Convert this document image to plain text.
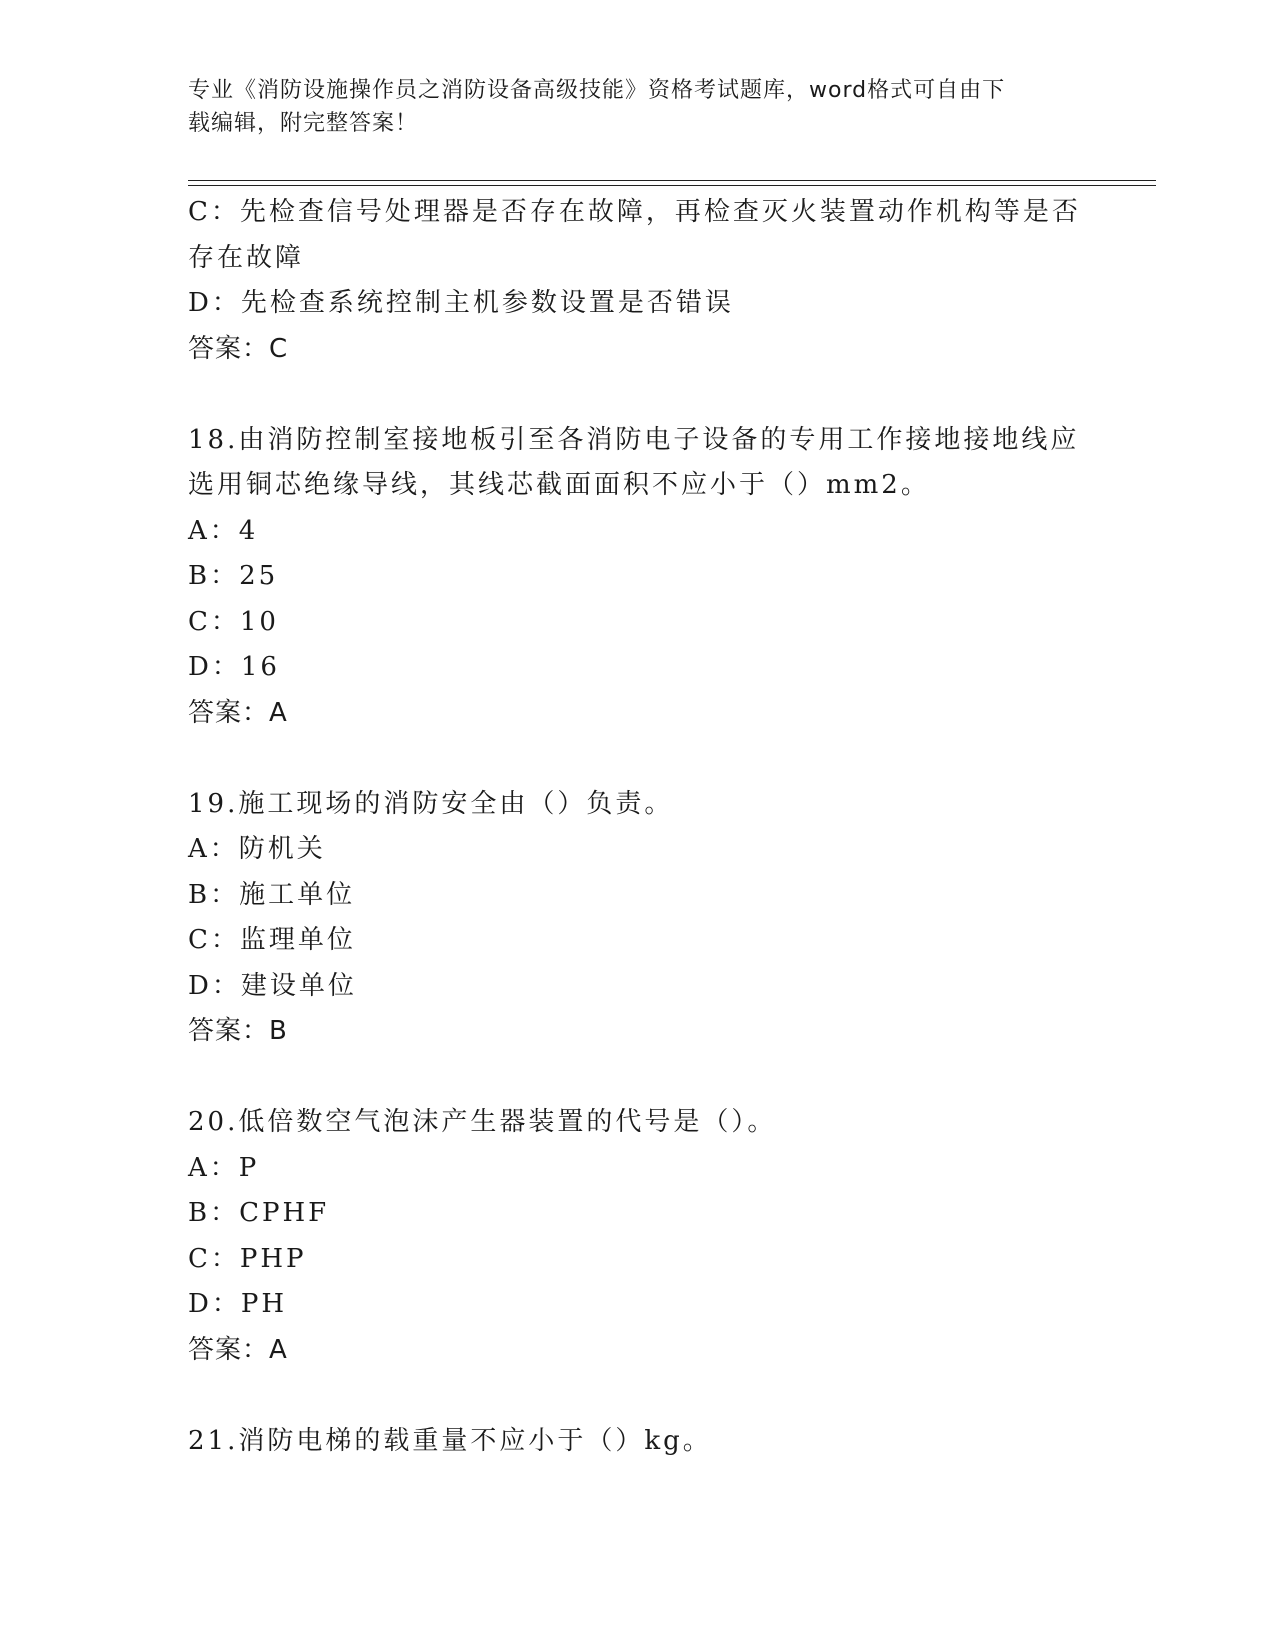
专业《消防设施操作员之消防设备高级技能》资格考试题库，word格式可自由下
载编辑，附完整答案！
C：先检查信号处理器是否存在故障，再检查灭火装置动作机构等是否
存在故障
D：先检查系统控制主机参数设置是否错误
答案：C
18.由消防控制室接地板引至各消防电子设备的专用工作接地接地线应
选用铜芯绝缘导线，其线芯截面面积不应小于（）mm2。
A：4
B：25
C：10
D：16
答案：A
19.施工现场的消防安全由（）负责。
A：防机关
B：施工单位
C：监理单位
D：建设单位
答案：B
20.低倍数空气泡沫产生器装置的代号是（）。
A：P
B：CPHF
C：PHP
D：PH
答案：A
21.消防电梯的载重量不应小于（）kg。
